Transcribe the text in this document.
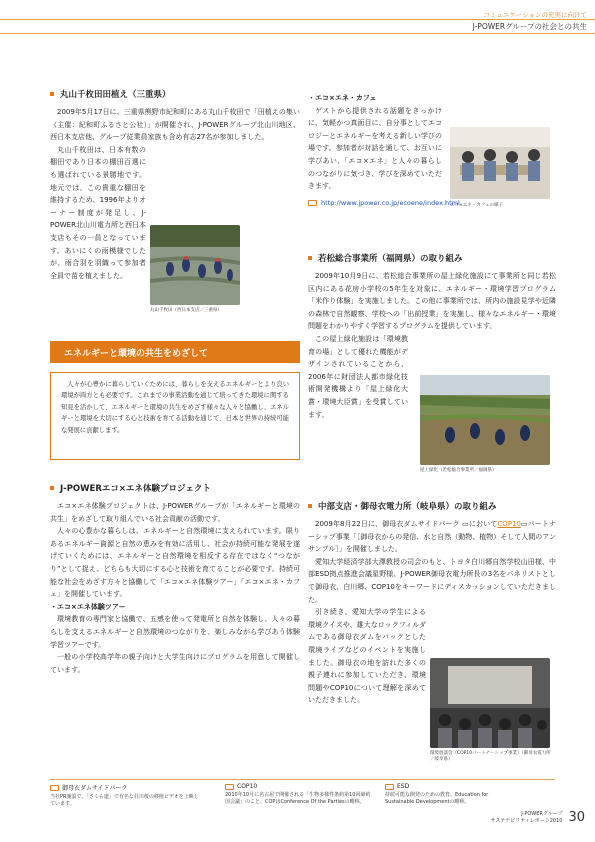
コミュニケーションの充実に向けて
J-POWERグループの社会との共生
丸山千枚田田植え（三重県）

2009年5月17日に、三重県熊野市紀和町にある丸山千枚田で「田植えの集い（主催：紀和町ふるさと公社）」が開催され、J-POWERグループ北山川地区、西日本支店他、グループ従業員家族も含め有志27名が参加しました。

丸山千枚田は、日本有数の棚田であり日本の棚田百選にも選ばれている景勝地です。地元では、この貴重な棚田を維持するため、1996年よりオーナー制度が発足し、J-POWER北山川電力所と西日本支店もその一員となっています。あいにくの雨模様でしたが、雨合羽を羽織って参加者全員で苗を植えました。

丸山千枚田（西日本支店／三重県）
エネルギーと環境の共生をめざして

人々が心豊かに暮らしていくためには、暮らしを支えるエネルギーとより良い環境が両方とも必要です。これまでの事業活動を通じて培ってきた環境に関する知見を活かして、エネルギーと環境の共生をめざす様々な人々と協働し、エネルギーと環境を大切にする心と技術を育てる活動を通じて、日本と世界の持続可能な発展に貢献します。

J-POWERエコ×エネ体験プロジェクト

エコ×エネ体験プロジェクトは、J-POWERグループが「エネルギーと環境の共生」をめざして取り組んでいる社会貢献の活動です。

人々の心豊かな暮らしは、エネルギーと自然環境に支えられています。限りあるエネルギー資源と自然の恵みを有効に活用し、社会が持続可能な発展を遂げていくためには、エネルギーと自然環境を相反する存在ではなく“つながり”として捉え、どちらも大切にする心と技術を育てることが必要です。持続可能な社会をめざす方々と協働して「エコ×エネ体験ツアー」「エコ×エネ・カフェ」を開催しています。

・エコ×エネ体験ツアー

環境教育の専門家と協働で、五感を使って発電所と自然を体験し、人々の暮らしを支えるエネルギーと自然環境のつながりを、楽しみながら学びあう体験学習ツアーです。

一般の小学校高学年の親子向けと大学生向けにプログラムを用意して開催しています。

・エコ×エネ・カフェ

ゲストから提供される話題をきっかけに、気軽かつ真面目に、自分事としてエコロジーとエネルギーを考える新しい学びの場です。参加者が対話を通して、お互いに学びあい、「エコ×エネ」と人々の暮らしのつながりに気づき、学びを深めていただきます。

http://www.jpower.co.jp/ecoene/index.html
エコ×エネ・カフェの様子
若松総合事業所（福岡県）の取り組み

2009年10月9日に、若松総合事業所の屋上緑化施設にて事業所と同じ若松区内にある花房小学校の5年生を対象に、エネルギー・環境学習プログラム「米作り体験」を実施しました。この他に事業所では、所内の施設見学や近隣の森林で自然観察、学校への「出前授業」を実施し、様々なエネルギー・環境問題をわかりやすく学習するプログラムを提供しています。

この屋上緑化施設は「環境教育の場」として優れた機能がデザインされていることから、2006年に財団法人都市緑化技術開発機構より「屋上緑化大賞・環境大臣賞」を受賞しています。

屋上緑化（若松総合事業所／福岡県）
中部支店・御母衣電力所（岐阜県）の取り組み

2009年8月22日に、御母衣ダムサイドパーク ▭においてCOP10▭パートナーシップ事業「［御母衣からの発信、水と自然（動物、植物）そして人間のアンサンブル］」を開催しました。

愛知大学経済学部大澤教授の司会のもと、トヨタ白川郷自然学校山田様、中部ESD拠点推進会議星野様、J-POWER御母衣電力所長の3名をパネリストとして御母衣、白川郷、COP10をキーワードにディスカッションしていただきました。

引き続き、愛知大学の学生による環境クイズや、雄大なロックフィルダムである御母衣ダムをバックとした環境ライブなどのイベントを実施しました。御母衣の地を訪れた多くの親子連れに参加していただき、環境問題やCOP10について理解を深めていただきました。

環境放談会（COP10パートナーシップ事業）（御母衣電力所／岐阜県）
御母衣ダムサイドパーク
当社PR施設で、「さくら道」で有名な荘川桜の移植ビデオを上映しています。
COP10
2010年10月に名古屋で開催される「生物多様性条約第10回締約国会議」のこと。COPはConference Of the Partiesの略称。
ESD
持続可能な開発のための教育。Education for Sustainable Developmentの略称。
J-POWERグループ
サステナビリティレポート2010 30
